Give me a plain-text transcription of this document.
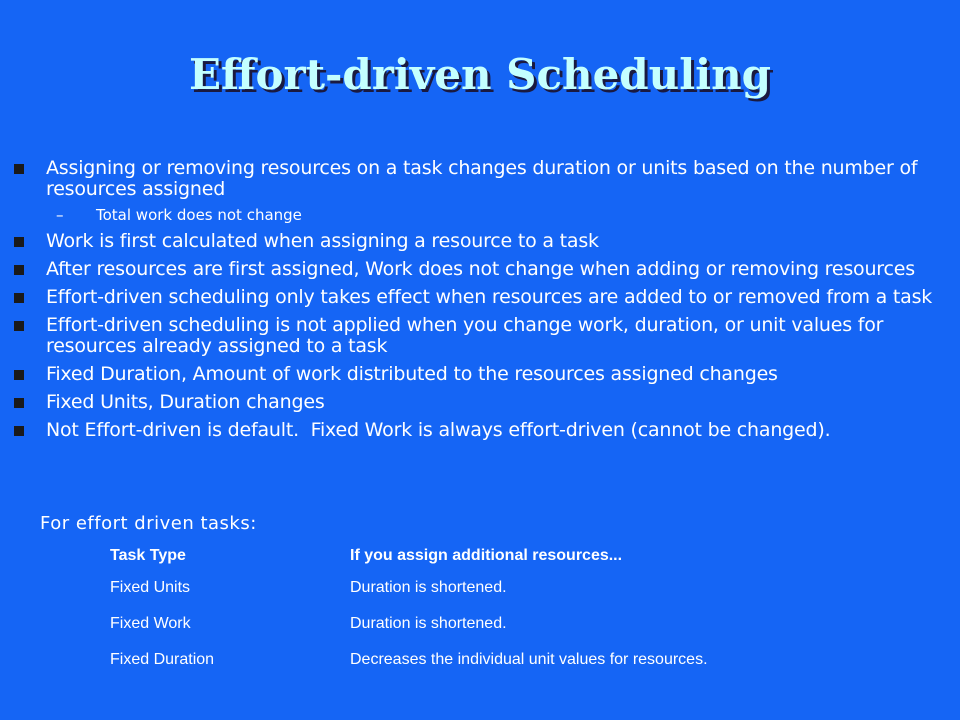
Effort-driven Scheduling
Assigning or removing resources on a task changes duration or units based on the number of resources assigned
– Total work does not change
Work is first calculated when assigning a resource to a task
After resources are first assigned, Work does not change when adding or removing resources
Effort-driven scheduling only takes effect when resources are added to or removed from a task
Effort-driven scheduling is not applied when you change work, duration, or unit values for resources already assigned to a task
Fixed Duration, Amount of work distributed to the resources assigned changes
Fixed Units, Duration changes
Not Effort-driven is default.  Fixed Work is always effort-driven (cannot be changed).
For effort driven tasks:
Task Type	If you assign additional resources...
Fixed Units	Duration is shortened.
Fixed Work	Duration is shortened.
Fixed Duration	Decreases the individual unit values for resources.
